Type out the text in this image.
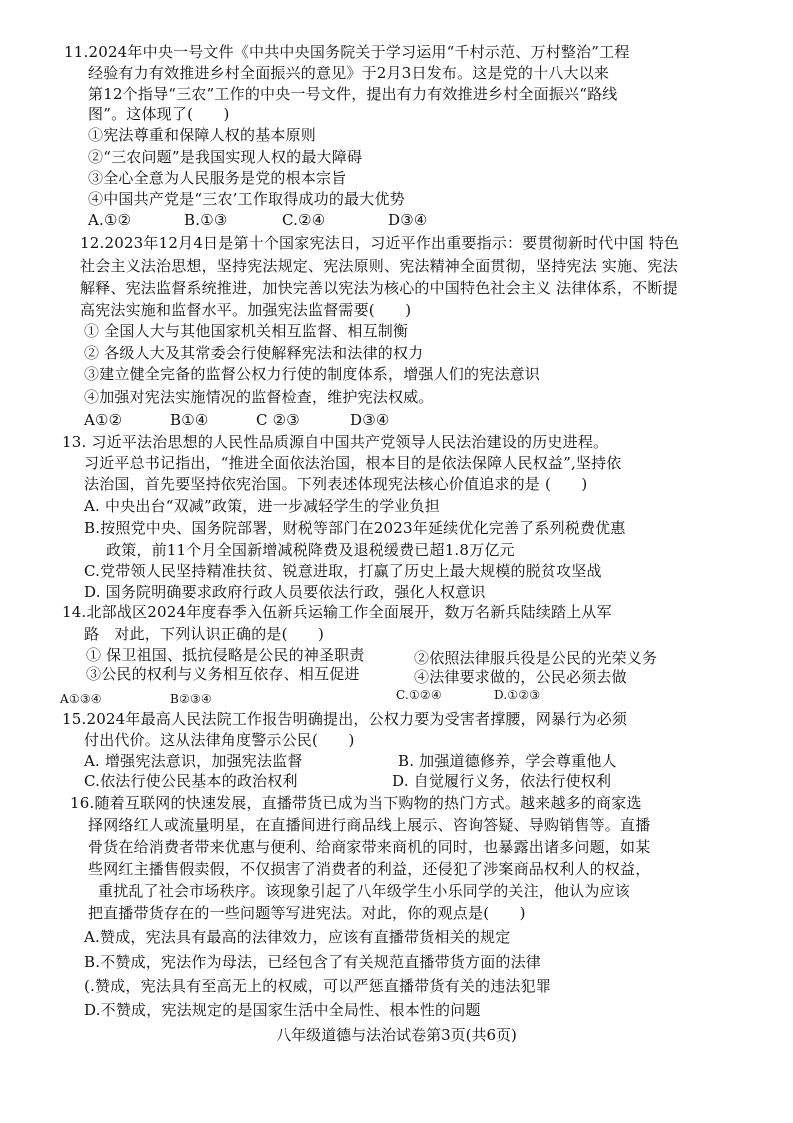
11.2024年中央一号文件《中共中央国务院关于学习运用“千村示范、万村整治”工程
经验有力有效推进乡村全面振兴的意见》于2月3日发布。这是党的十八大以来
第12个指导“三农”工作的中央一号文件，提出有力有效推进乡村全面振兴“路线
图”。这体现了(　　)
①宪法尊重和保障人权的基本原则
②“三农问题”是我国实现人权的最大障碍
③全心全意为人民服务是党的根本宗旨
④中国共产党是“三农’工作取得成功的最大优势
A.①②	B.①③	C.②④	D③④
12.2023年12月4日是第十个国家宪法日，习近平作出重要指示：要贯彻新时代中国 特色
社会主义法治思想，坚持宪法规定、宪法原则、宪法精神全面贯彻，坚持宪法 实施、宪法
解释、宪法监督系统推进，加快完善以宪法为核心的中国特色社会主义 法律体系，不断提
高宪法实施和监督水平。加强宪法监督需要(　　)
① 全国人大与其他国家机关相互监督、相互制衡
② 各级人大及其常委会行使解释宪法和法律的权力
③建立健全完备的监督公权力行使的制度体系，增强人们的宪法意识
④加强对宪法实施情况的监督检查，维护宪法权威。
A①②	B①④	C ②③	D③④
13. 习近平法治思想的人民性品质源自中国共产党领导人民法治建设的历史进程。
习近平总书记指出，“推进全面依法治国，根本目的是依法保障人民权益”,坚持依
法治国，首先要坚持依宪治国。下列表述体现宪法核心价值追求的是 (　　)
A. 中央出台“双减”政策，进一步减轻学生的学业负担
B.按照党中央、国务院部署，财税等部门在2023年延续优化完善了系列税费优惠
政策，前11个月全国新增减税降费及退税缓费已超1.8万亿元
C.党带领人民坚持精准扶贫、锐意进取，打赢了历史上最大规模的脱贫攻坚战
D. 国务院明确要求政府行政人员要依法行政，强化人权意识
14.北部战区2024年度春季入伍新兵运输工作全面展开，数万名新兵陆续踏上从军
路　对此，下列认识正确的是(　　)
① 保卫祖国、抵抗侵略是公民的神圣职责	②依照法律服兵役是公民的光荣义务
③公民的权利与义务相互依存、相互促进	④法律要求做的，公民必须去做
A①③④	B②③④	C.①②④	D.①②③
15.2024年最高人民法院工作报告明确提出，公权力要为受害者撑腰，网暴行为必须
付出代价。这从法律角度警示公民(　　)
A. 增强宪法意识，加强宪法监督	B. 加强道德修养，学会尊重他人
C.依法行使公民基本的政治权利	D. 自觉履行义务，依法行使权利
16.随着互联网的快速发展，直播带货已成为当下购物的热门方式。越来越多的商家选
择网络红人或流量明星，在直播间进行商品线上展示、咨询答疑、导购销售等。直播
骨货在给消费者带来优惠与便利、给商家带来商机的同时，也暴露出诸多问题，如某
些网红主播售假卖假，不仅损害了消费者的利益，还侵犯了涉案商品权利人的权益，
重扰乱了社会市场秩序。该现象引起了八年级学生小乐同学的关注，他认为应该
把直播带货存在的一些问题等写进宪法。对此，你的观点是(　　)
A.赞成，宪法具有最高的法律效力，应该有直播带货相关的规定
B.不赞成，宪法作为母法，已经包含了有关规范直播带货方面的法律
(.赞成，宪法具有至高无上的权威，可以严惩直播带货有关的违法犯罪
D.不赞成，宪法规定的是国家生活中全局性、根本性的问题
八年级道德与法治试卷第3页(共6页)
